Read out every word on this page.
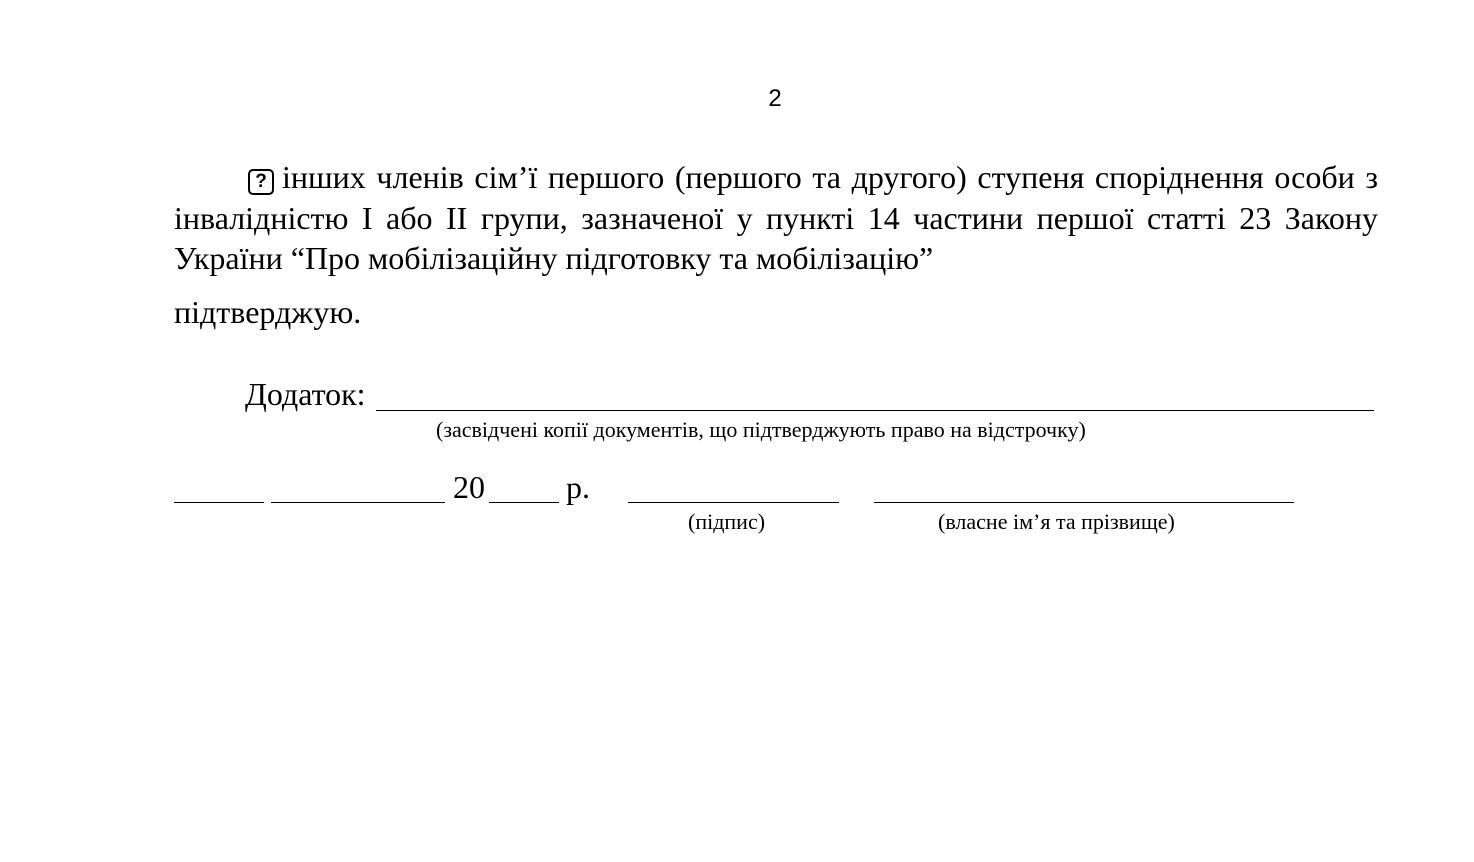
2

? інших членів сім’ї першого (першого та другого) ступеня споріднення особи з інвалідністю І або ІІ групи, зазначеної у пункті 14 частини першої статті 23 Закону України “Про мобілізаційну підготовку та мобілізацію”

підтверджую.
Додаток:
(засвідчені копії документів, що підтверджують право на відстрочку)
20	р.
(підпис)	(власне ім’я та прізвище)
